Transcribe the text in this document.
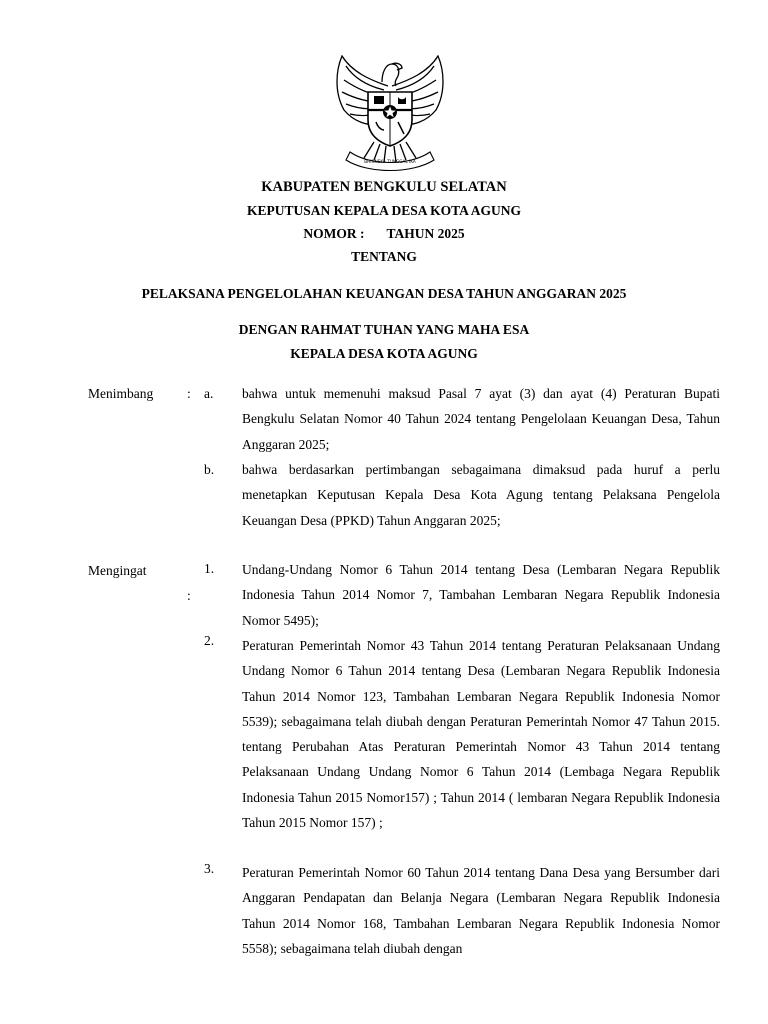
BHINNEKA TUNGGAL IKA
KABUPATEN BENGKULU SELATAN
KEPUTUSAN KEPALA DESA KOTA AGUNG
NOMOR : TAHUN 2025
TENTANG
PELAKSANA PENGELOLAHAN KEUANGAN DESA TAHUN ANGGARAN 2025
DENGAN RAHMAT TUHAN YANG MAHA ESA
KEPALA DESA KOTA AGUNG
Menimbang	: a. bahwa untuk memenuhi maksud Pasal 7 ayat (3) dan ayat (4) Peraturan Bupati Bengkulu Selatan Nomor 40 Tahun 2024 tentang Pengelolaan Keuangan Desa, Tahun Anggaran 2025;
b. bahwa berdasarkan pertimbangan sebagaimana dimaksud pada huruf a perlu menetapkan Keputusan Kepala Desa Kota Agung tentang Pelaksana Pengelola Keuangan Desa (PPKD) Tahun Anggaran 2025;
Mengingat
:
1. Undang-Undang Nomor 6 Tahun 2014 tentang Desa (Lembaran Negara Republik Indonesia Tahun 2014 Nomor 7, Tambahan Lembaran Negara Republik Indonesia Nomor 5495);
2. Peraturan Pemerintah Nomor 43 Tahun 2014 tentang Peraturan Pelaksanaan Undang Undang Nomor 6 Tahun 2014 tentang Desa (Lembaran Negara Republik Indonesia Tahun 2014 Nomor 123, Tambahan Lembaran Negara Republik Indonesia Nomor 5539); sebagaimana telah diubah dengan Peraturan Pemerintah Nomor 47 Tahun 2015. tentang Perubahan Atas Peraturan Pemerintah Nomor 43 Tahun 2014 tentang Pelaksanaan Undang Undang Nomor 6 Tahun 2014 (Lembaga Negara Republik Indonesia Tahun 2015 Nomor157) ; Tahun 2014 ( lembaran Negara Republik Indonesia Tahun 2015 Nomor 157) ;
3. Peraturan Pemerintah Nomor 60 Tahun 2014 tentang Dana Desa yang Bersumber dari Anggaran Pendapatan dan Belanja Negara (Lembaran Negara Republik Indonesia Tahun 2014 Nomor 168, Tambahan Lembaran Negara Republik Indonesia Nomor 5558); sebagaimana telah diubah dengan
